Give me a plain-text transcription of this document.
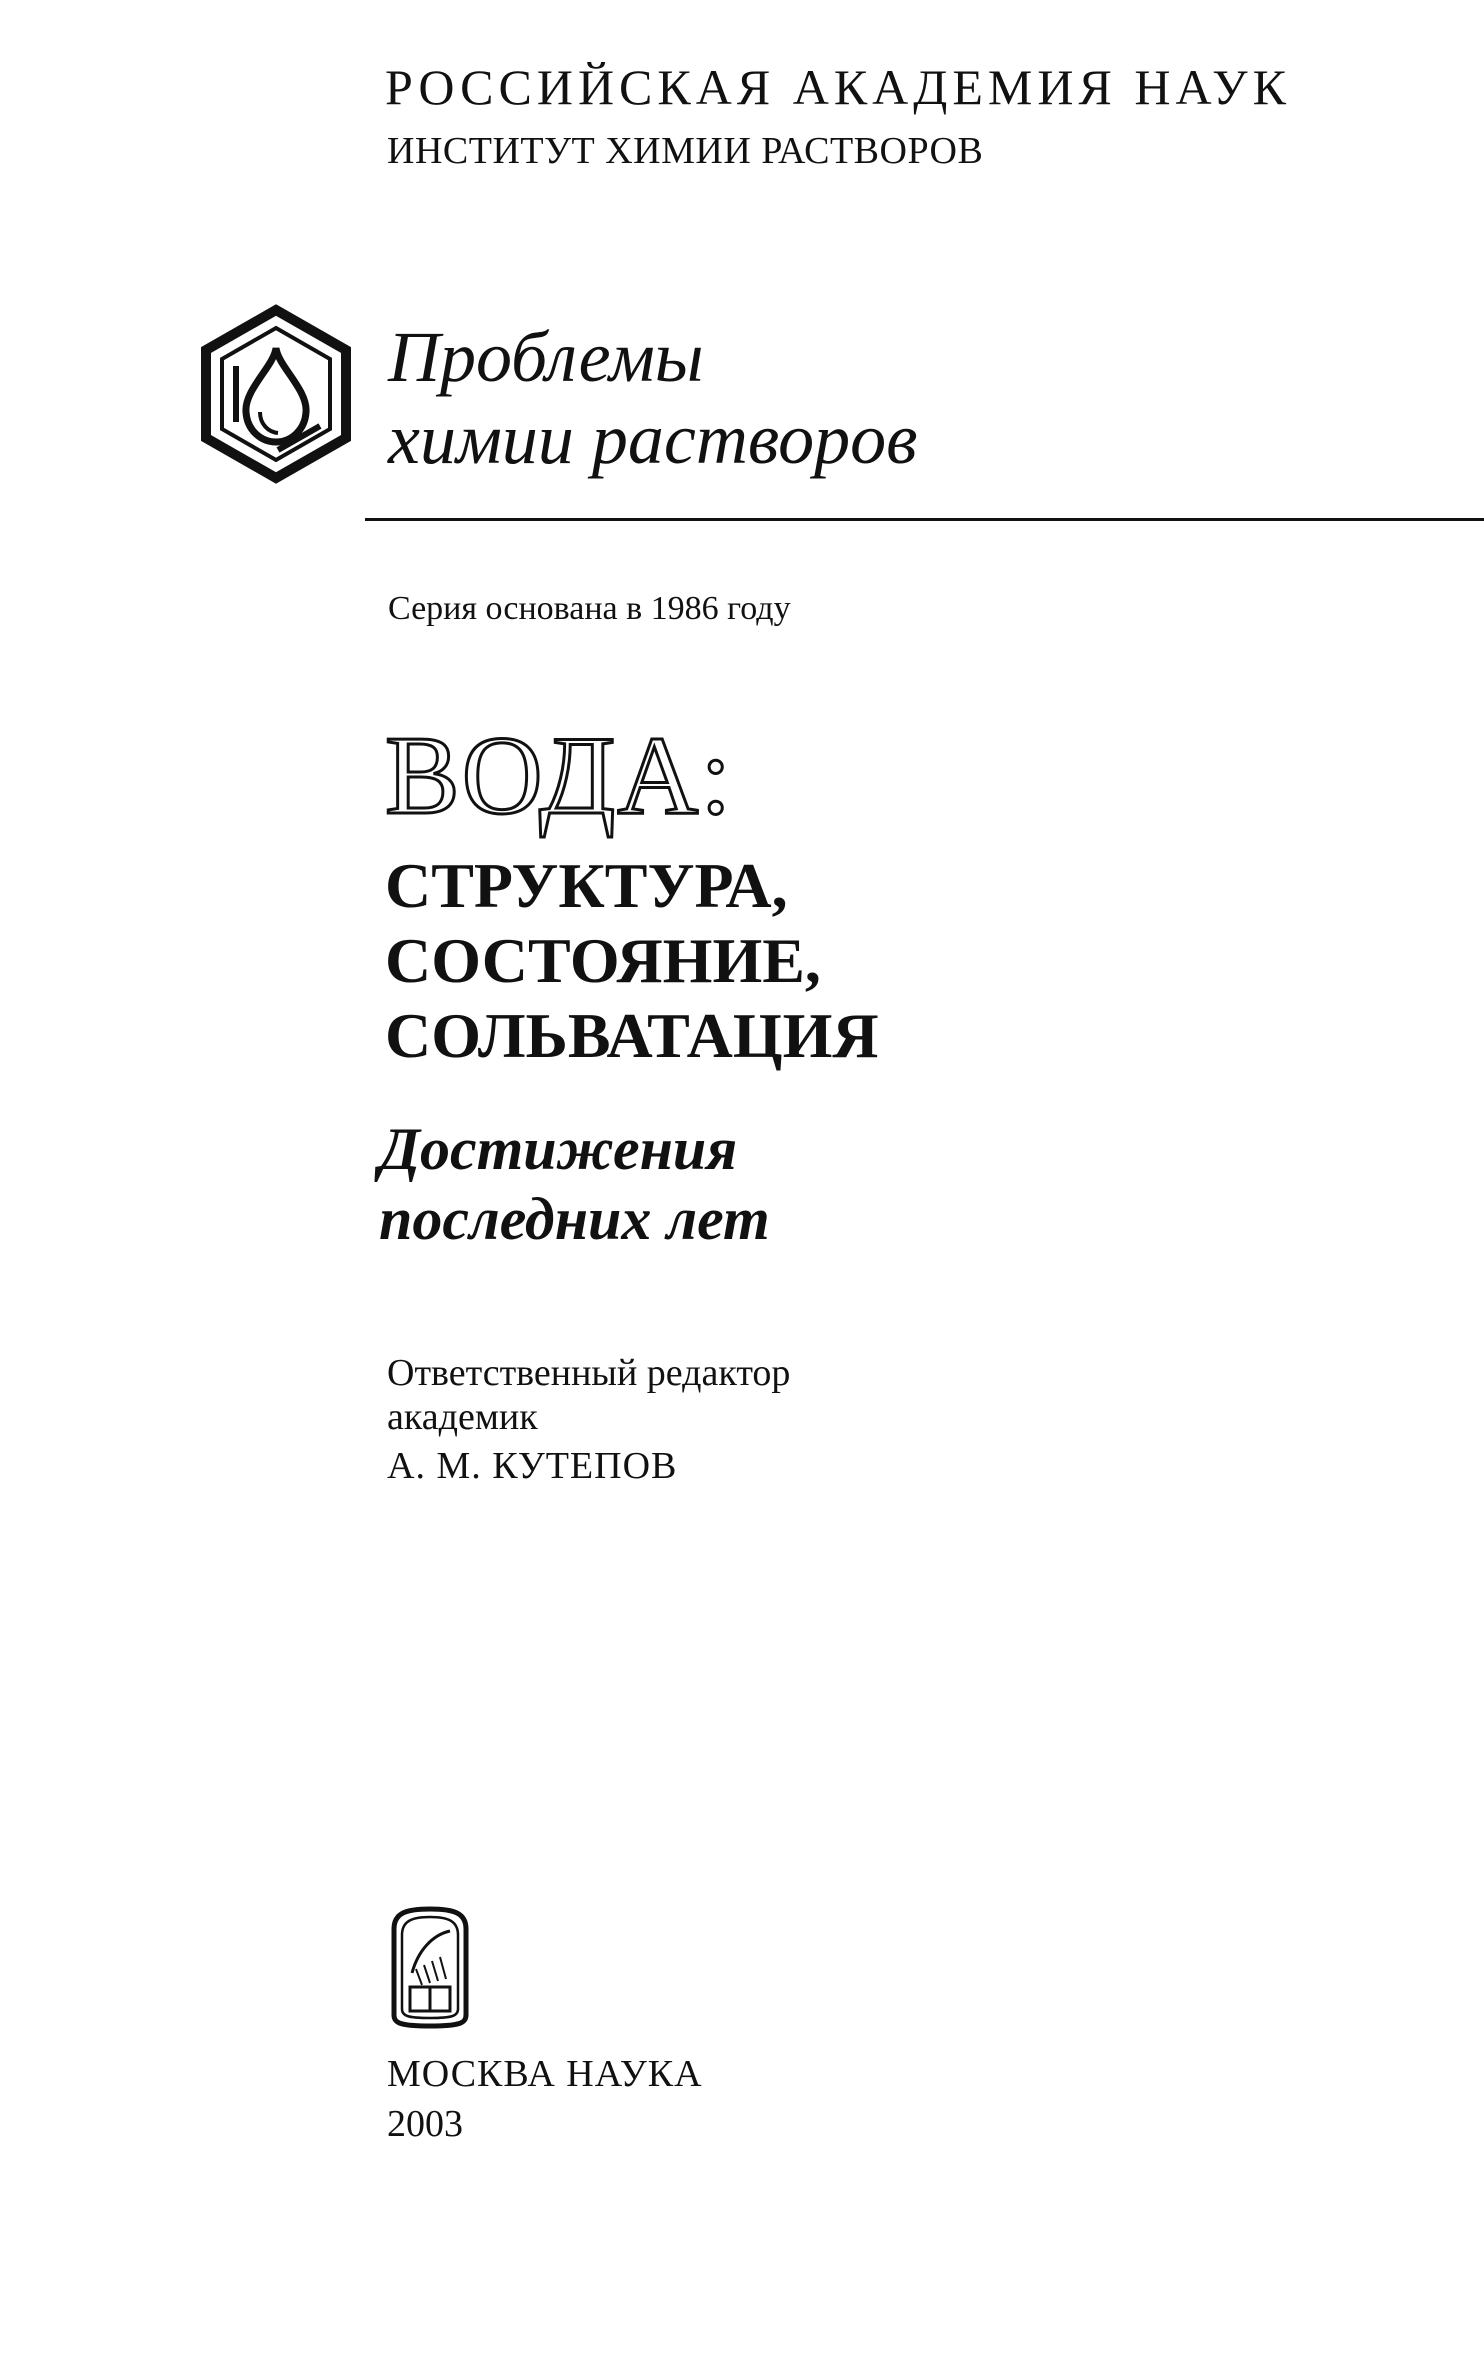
РОССИЙСКАЯ АКАДЕМИЯ НАУК
ИНСТИТУТ ХИМИИ РАСТВОРОВ
Проблемы
химии растворов
Серия основана в 1986 году
ВОДА:
СТРУКТУРА,
СОСТОЯНИЕ,
СОЛЬВАТАЦИЯ
Достижения
последних лет
Ответственный редактор
академик
А. М. КУТЕПОВ
МОСКВА НАУКА
2003
